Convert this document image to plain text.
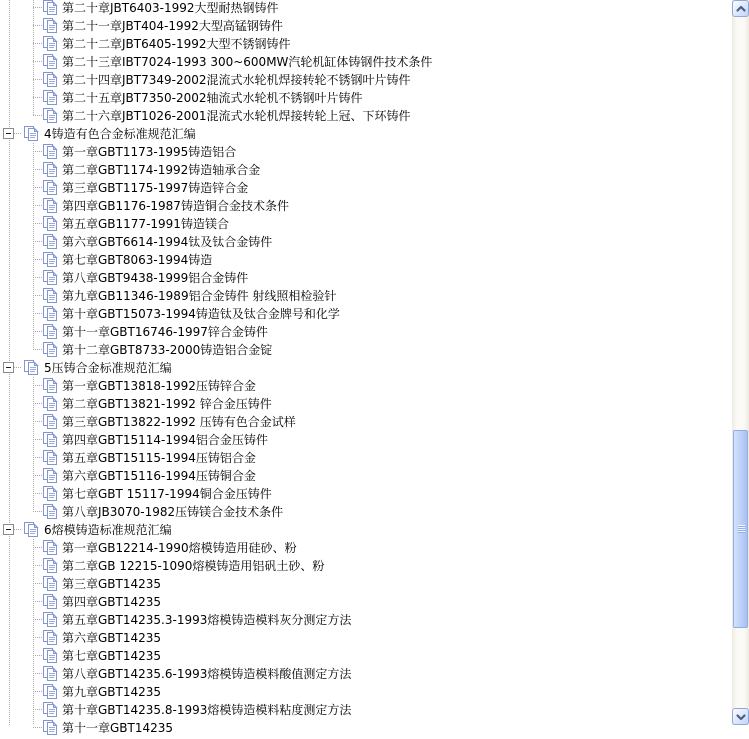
第二十章JBT6403-1992大型耐热钢铸件
第二十一章JBT404-1992大型高锰钢铸件
第二十二章JBT6405-1992大型不锈钢铸件
第二十三章IBT7024-1993 300~600MW汽轮机缸体铸钢件技术条件
第二十四章JBT7349-2002混流式水轮机焊接转轮不锈钢叶片铸件
第二十五章JBT7350-2002轴流式水轮机不锈钢叶片铸件
第二十六章JBT1026-2001混流式水轮机焊接转轮上冠、下环铸件
4铸造有色合金标准规范汇编
第一章GBT1173-1995铸造铝合
第二章GBT1174-1992铸造轴承合金
第三章GBT1175-1997铸造锌合金
第四章GB1176-1987铸造铜合金技术条件
第五章GB1177-1991铸造镁合
第六章GBT6614-1994钛及钛合金铸件
第七章GBT8063-1994铸造
第八章GBT9438-1999铝合金铸件
第九章GB11346-1989铝合金铸件 射线照相检验针
第十章GBT15073-1994铸造钛及钛合金牌号和化学
第十一章GBT16746-1997锌合金铸件
第十二章GBT8733-2000铸造铝合金锭
5压铸合金标准规范汇编
第一章GBT13818-1992压铸锌合金
第二章GBT13821-1992 锌合金压铸件
第三章GBT13822-1992 压铸有色合金试样
第四章GBT15114-1994铝合金压铸件
第五章GBT15115-1994压铸铝合金
第六章GBT15116-1994压铸铜合金
第七章GBT 15117-1994铜合金压铸件
第八章JB3070-1982压铸镁合金技术条件
6熔模铸造标准规范汇编
第一章GB12214-1990熔模铸造用硅砂、粉
第二章GB 12215-1090熔模铸造用铝矾土砂、粉
第三章GBT14235
第四章GBT14235
第五章GBT14235.3-1993熔模铸造模料灰分测定方法
第六章GBT14235
第七章GBT14235
第八章GBT14235.6-1993熔模铸造模料酸值测定方法
第九章GBT14235
第十章GBT14235.8-1993熔模铸造模料粘度测定方法
第十一章GBT14235
